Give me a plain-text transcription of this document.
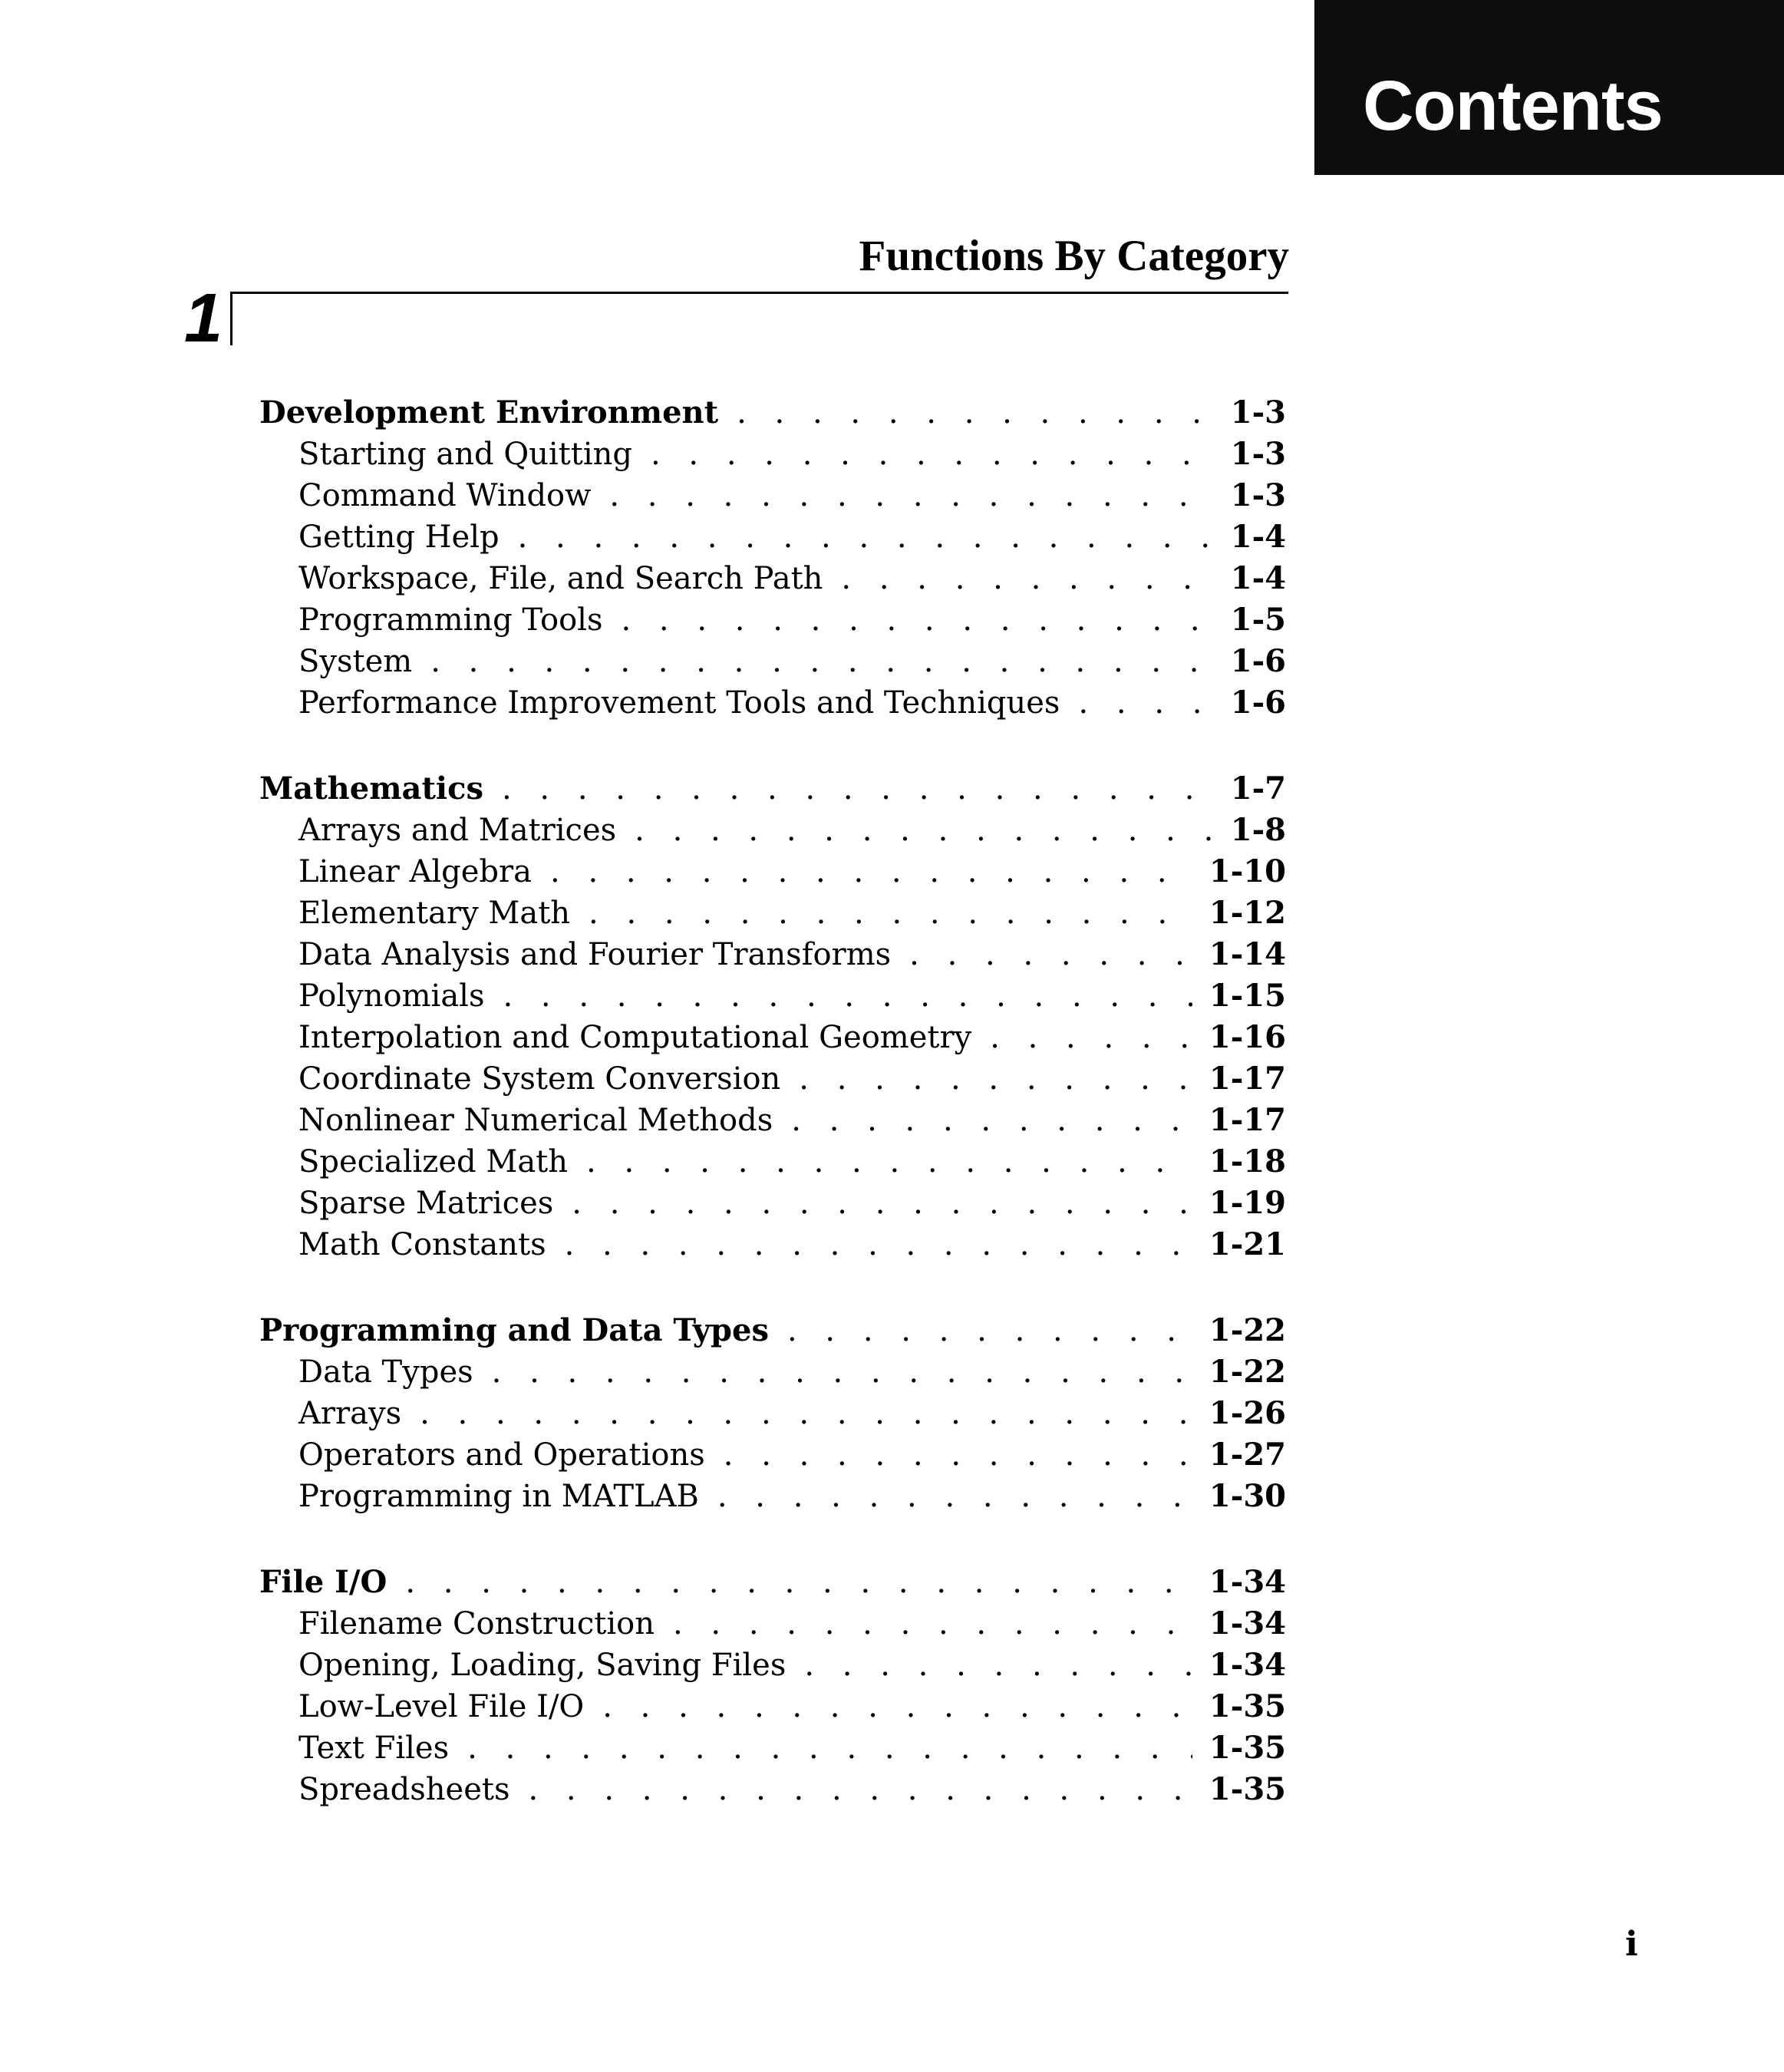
Contents
Functions By Category
1
Development Environment . . .	1-3
Starting and Quitting . . .	1-3
Command Window . . .	1-3
Getting Help . . .	1-4
Workspace, File, and Search Path . . .	1-4
Programming Tools . . .	1-5
System . . .	1-6
Performance Improvement Tools and Techniques . . .	1-6
Mathematics . . .	1-7
Arrays and Matrices . . .	1-8
Linear Algebra . . .	1-10
Elementary Math . . .	1-12
Data Analysis and Fourier Transforms . . .	1-14
Polynomials . . .	1-15
Interpolation and Computational Geometry . . .	1-16
Coordinate System Conversion . . .	1-17
Nonlinear Numerical Methods . . .	1-17
Specialized Math . . .	1-18
Sparse Matrices . . .	1-19
Math Constants . . .	1-21
Programming and Data Types . . .	1-22
Data Types . . .	1-22
Arrays . . .	1-26
Operators and Operations . . .	1-27
Programming in MATLAB . . .	1-30
File I/O . . .	1-34
Filename Construction . . .	1-34
Opening, Loading, Saving Files . . .	1-34
Low-Level File I/O . . .	1-35
Text Files . . .	1-35
Spreadsheets . . .	1-35
i
